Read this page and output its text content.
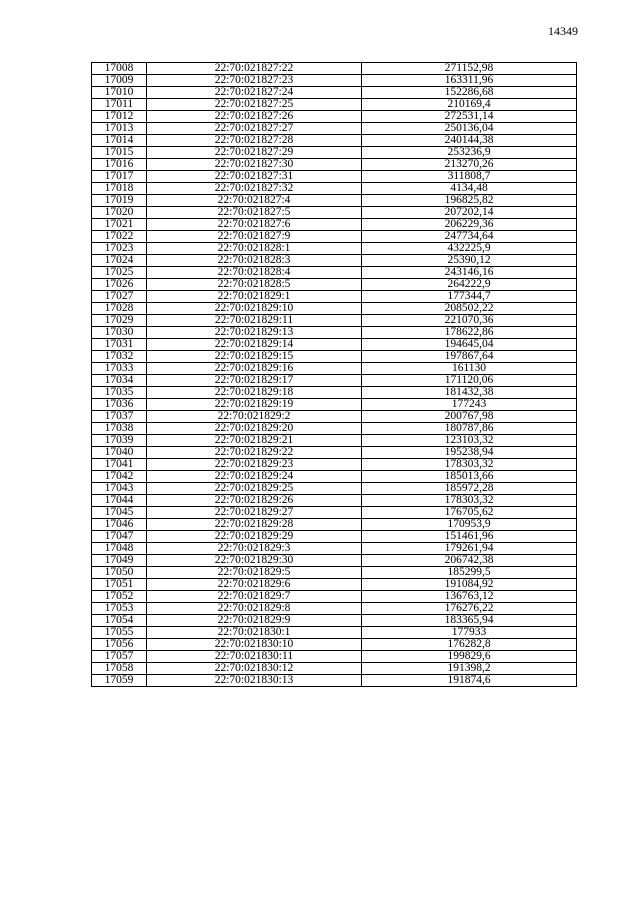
14349
17008	22:70:021827:22	271152,98
17009	22:70:021827:23	163311,96
17010	22:70:021827:24	152286,68
17011	22:70:021827:25	210169,4
17012	22:70:021827:26	272531,14
17013	22:70:021827:27	250136,04
17014	22:70:021827:28	240144,38
17015	22:70:021827:29	253236,9
17016	22:70:021827:30	213270,26
17017	22:70:021827:31	311808,7
17018	22:70:021827:32	4134,48
17019	22:70:021827:4	196825,82
17020	22:70:021827:5	207202,14
17021	22:70:021827:6	206229,36
17022	22:70:021827:9	247734,64
17023	22:70:021828:1	432225,9
17024	22:70:021828:3	25390,12
17025	22:70:021828:4	243146,16
17026	22:70:021828:5	264222,9
17027	22:70:021829:1	177344,7
17028	22:70:021829:10	208502,22
17029	22:70:021829:11	221070,36
17030	22:70:021829:13	178622,86
17031	22:70:021829:14	194645,04
17032	22:70:021829:15	197867,64
17033	22:70:021829:16	161130
17034	22:70:021829:17	171120,06
17035	22:70:021829:18	181432,38
17036	22:70:021829:19	177243
17037	22:70:021829:2	200767,98
17038	22:70:021829:20	180787,86
17039	22:70:021829:21	123103,32
17040	22:70:021829:22	195238,94
17041	22:70:021829:23	178303,32
17042	22:70:021829:24	185013,66
17043	22:70:021829:25	185972,28
17044	22:70:021829:26	178303,32
17045	22:70:021829:27	176705,62
17046	22:70:021829:28	170953,9
17047	22:70:021829:29	151461,96
17048	22:70:021829:3	179261,94
17049	22:70:021829:30	206742,38
17050	22:70:021829:5	185299,5
17051	22:70:021829:6	191084,92
17052	22:70:021829:7	136763,12
17053	22:70:021829:8	176276,22
17054	22:70:021829:9	183365,94
17055	22:70:021830:1	177933
17056	22:70:021830:10	176282,8
17057	22:70:021830:11	199829,6
17058	22:70:021830:12	191398,2
17059	22:70:021830:13	191874,6
